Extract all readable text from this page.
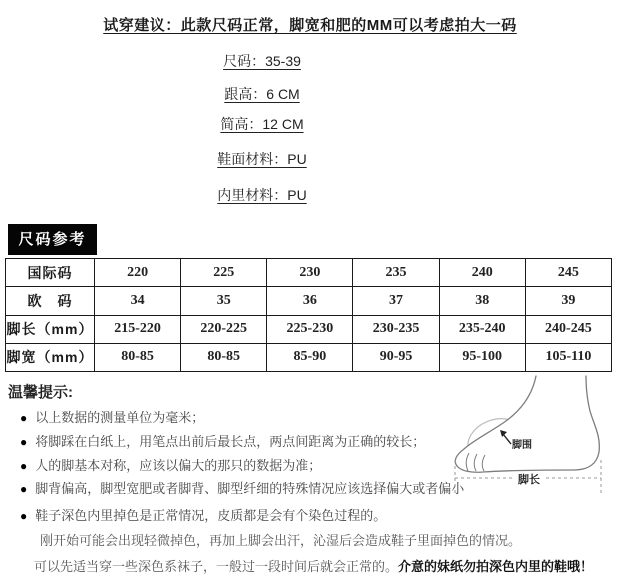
试穿建议：此款尺码正常，脚宽和肥的MM可以考虑拍大一码
尺码：35-39
跟高：6 CM
简高：12 CM
鞋面材料：PU
内里材料：PU
尺码参考
国际码	220	225	230	235	240	245
欧　码	34	35	36	37	38	39
脚长（mm）	215-220	220-225	225-230	230-235	235-240	240-245
脚宽（mm）	80-85	80-85	85-90	90-95	95-100	105-110
温馨提示:
● 以上数据的测量单位为毫米；
● 将脚踩在白纸上，用笔点出前后最长点，两点间距离为正确的较长；
● 人的脚基本对称，应该以偏大的那只的数据为准；
● 脚背偏高，脚型宽肥或者脚背、脚型纤细的特殊情况应该选择偏大或者偏小
● 鞋子深色内里掉色是正常情况，皮质都是会有个染色过程的。
刚开始可能会出现轻微掉色，再加上脚会出汗，沁湿后会造成鞋子里面掉色的情况。
可以先适当穿一些深色系袜子，一般过一段时间后就会正常的。介意的妹纸勿拍深色内里的鞋哦！
脚围
脚长
